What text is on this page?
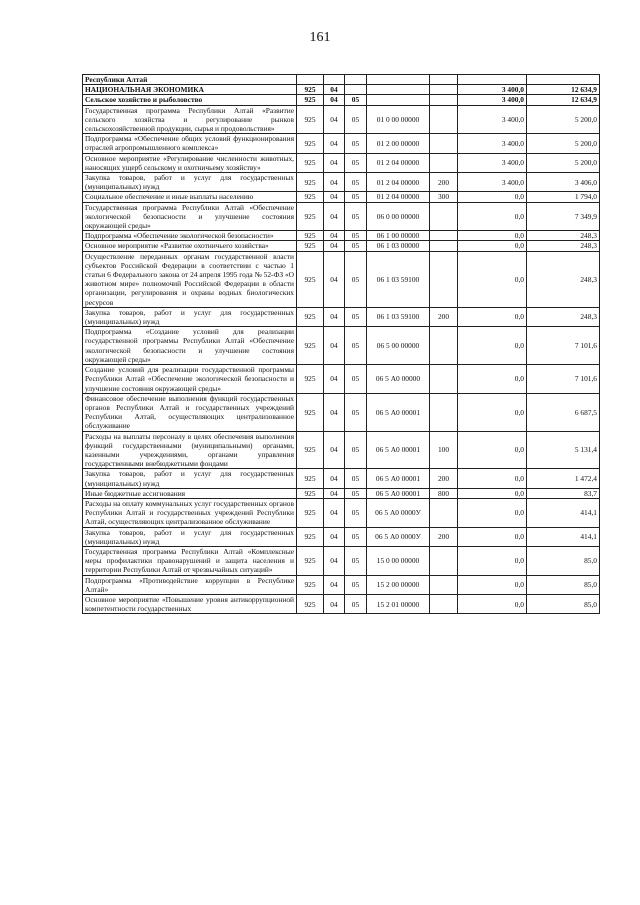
161
Республики Алтай							
НАЦИОНАЛЬНАЯ ЭКОНОМИКА	925	04				3 400,0	12 634,9
Сельское хозяйство и рыболовство	925	04	05			3 400,0	12 634,9
Государственная программа Республики Алтай «Развитие сельского хозяйства и регулирование рынков сельскохозяйственной продукции, сырья и продовольствия»	925	04	05	01 0 00 00000		3 400,0	5 200,0
Подпрограмма «Обеспечение общих условий функционирования отраслей агропромышленного комплекса»	925	04	05	01 2 00 00000		3 400,0	5 200,0
Основное мероприятие «Регулирование численности животных, наносящих ущерб сельскому и охотничьему хозяйству»	925	04	05	01 2 04 00000		3 400,0	5 200,0
Закупка товаров, работ и услуг для государственных (муниципальных) нужд	925	04	05	01 2 04 00000	200	3 400,0	3 406,0
Социальное обеспечение и иные выплаты населению	925	04	05	01 2 04 00000	300	0,0	1 794,0
Государственная программа Республики Алтай «Обеспечение экологической безопасности и улучшение состояния окружающей среды»	925	04	05	06 0 00 00000		0,0	7 349,9
Подпрограмма «Обеспечение экологической безопасности»	925	04	05	06 1 00 00000		0,0	248,3
Основное мероприятие «Развитие охотничьего хозяйства»	925	04	05	06 1 03 00000		0,0	248,3
Осуществление переданных органам государственной власти субъектов Российской Федерации в соответствии с частью 1 статьи 6 Федерального закона от 24 апреля 1995 года № 52-ФЗ «О животном мире» полномочий Российской Федерации в области организации, регулирования и охраны водных биологических ресурсов	925	04	05	06 1 03 59100		0,0	248,3
Закупка товаров, работ и услуг для государственных (муниципальных) нужд	925	04	05	06 1 03 59100	200	0,0	248,3
Подпрограмма «Создание условий для реализации государственной программы Республики Алтай «Обеспечение экологической безопасности и улучшение состояния окружающей среды»	925	04	05	06 5 00 00000		0,0	7 101,6
Создание условий для реализации государственной программы Республики Алтай «Обеспечение экологической безопасности и улучшение состояния окружающей среды»	925	04	05	06 5 А0 00000		0,0	7 101,6
Финансовое обеспечение выполнения функций государственных органов Республики Алтай и государственных учреждений Республики Алтай, осуществляющих централизованное обслуживание	925	04	05	06 5 А0 00001		0,0	6 687,5
Расходы на выплаты персоналу в целях обеспечения выполнения функций государственными (муниципальными) органами, казенными учреждениями, органами управления государственными внебюджетными фондами	925	04	05	06 5 А0 00001	100	0,0	5 131,4
Закупка товаров, работ и услуг для государственных (муниципальных) нужд	925	04	05	06 5 А0 00001	200	0,0	1 472,4
Иные бюджетные ассигнования	925	04	05	06 5 А0 00001	800	0,0	83,7
Расходы на оплату коммунальных услуг государственных органов Республики Алтай и государственных учреждений Республики Алтай, осуществляющих централизованное обслуживание	925	04	05	06 5 А0 0000У		0,0	414,1
Закупка товаров, работ и услуг для государственных (муниципальных) нужд	925	04	05	06 5 А0 0000У	200	0,0	414,1
Государственная программа Республики Алтай «Комплексные меры профилактики правонарушений и защита населения и территории Республики Алтай от чрезвычайных ситуаций»	925	04	05	15 0 00 00000		0,0	85,0
Подпрограмма «Противодействие коррупции в Республике Алтай»	925	04	05	15 2 00 00000		0,0	85,0
Основное мероприятие «Повышение уровня антикоррупционной компетентности государственных	925	04	05	15 2 01 00000		0,0	85,0
